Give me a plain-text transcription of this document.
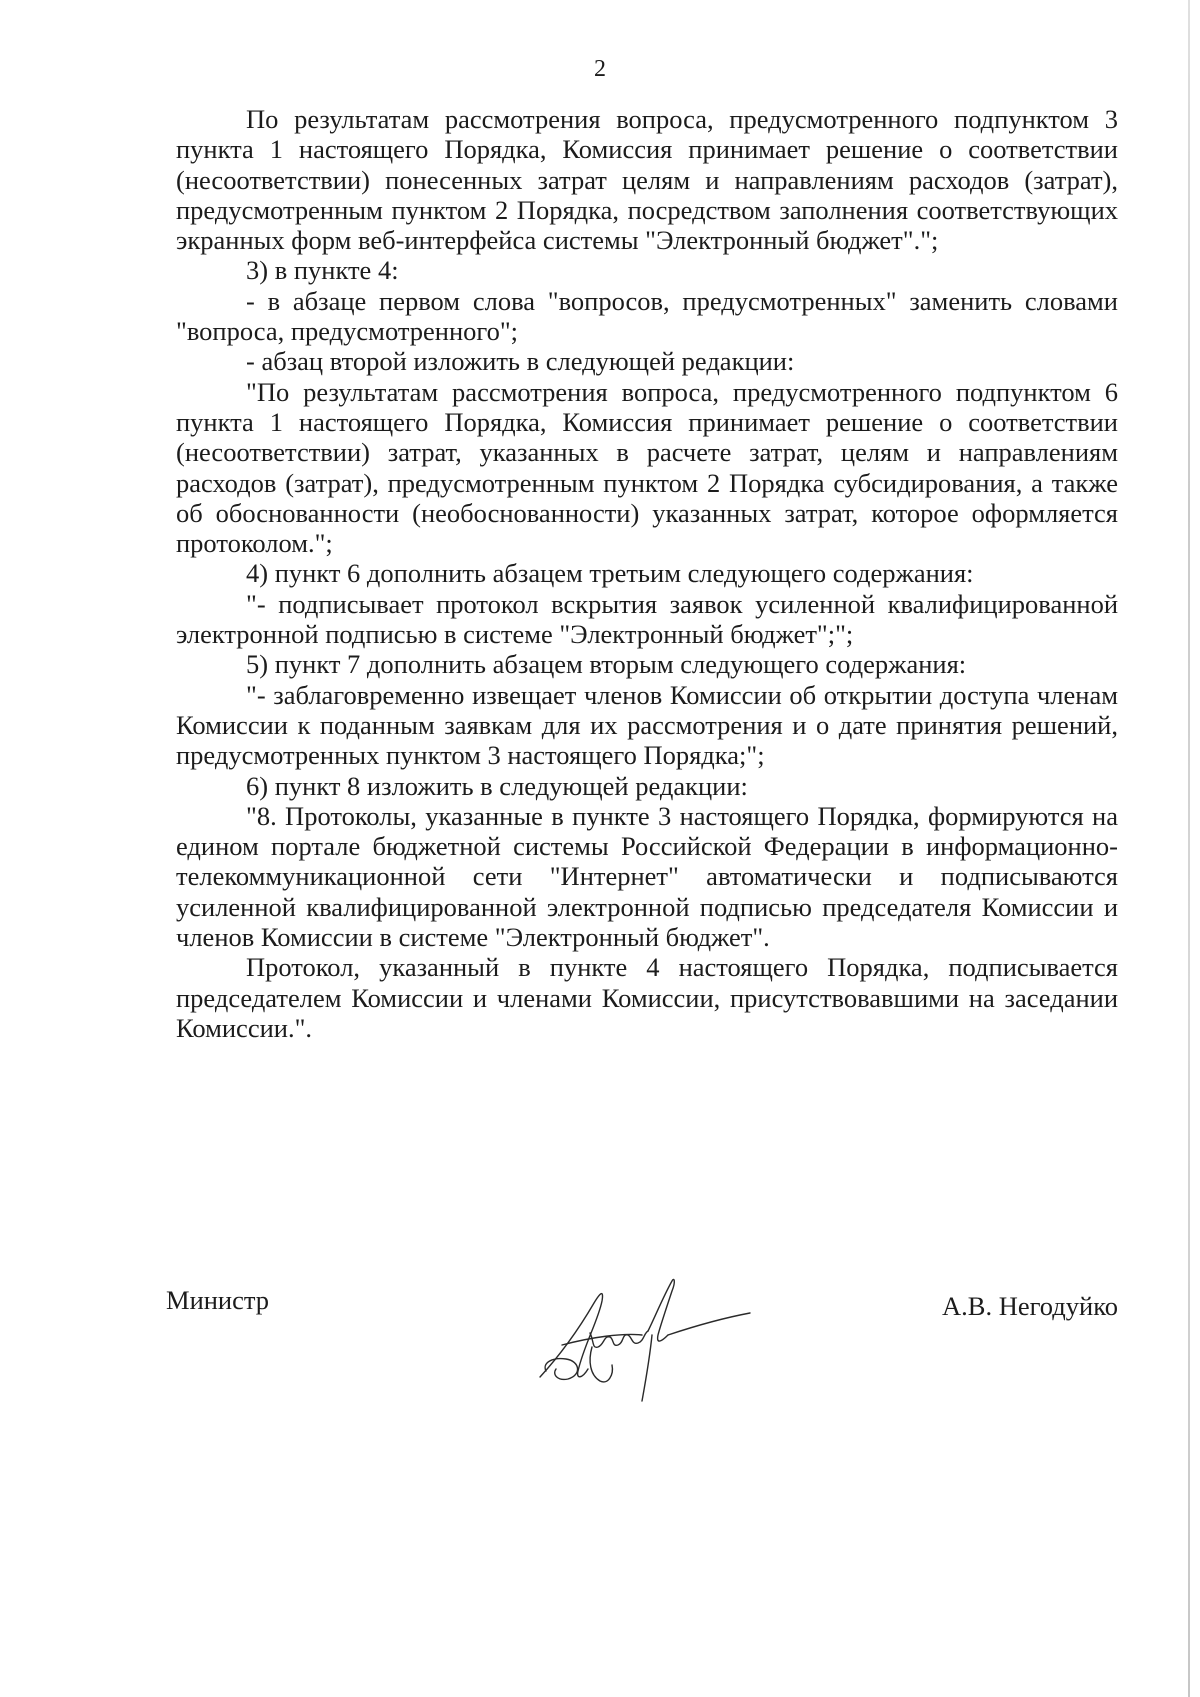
2

По результатам рассмотрения вопроса, предусмотренного подпунктом 3 пункта 1 настоящего Порядка, Комиссия принимает решение о соответствии (несоответствии) понесенных затрат целям и направлениям расходов (затрат), предусмотренным пунктом 2 Порядка, посредством заполнения соответствующих экранных форм веб-интерфейса системы "Электронный бюджет".";

3) в пункте 4:

- в абзаце первом слова "вопросов, предусмотренных" заменить словами "вопроса, предусмотренного";

- абзац второй изложить в следующей редакции:

"По результатам рассмотрения вопроса, предусмотренного подпунктом 6 пункта 1 настоящего Порядка, Комиссия принимает решение о соответствии (несоответствии) затрат, указанных в расчете затрат, целям и направлениям расходов (затрат), предусмотренным пунктом 2 Порядка субсидирования, а также об обоснованности (необоснованности) указанных затрат, которое оформляется протоколом.";

4) пункт 6 дополнить абзацем третьим следующего содержания:

"- подписывает протокол вскрытия заявок усиленной квалифицированной электронной подписью в системе "Электронный бюджет";";

5) пункт 7 дополнить абзацем вторым следующего содержания:

"- заблаговременно извещает членов Комиссии об открытии доступа членам Комиссии к поданным заявкам для их рассмотрения и о дате принятия решений, предусмотренных пунктом 3 настоящего Порядка;";

6) пункт 8 изложить в следующей редакции:

"8. Протоколы, указанные в пункте 3 настоящего Порядка, формируются на едином портале бюджетной системы Российской Федерации в информационно-телекоммуникационной сети "Интернет" автоматически и подписываются усиленной квалифицированной электронной подписью председателя Комиссии и членов Комиссии в системе "Электронный бюджет".

Протокол, указанный в пункте 4 настоящего Порядка, подписывается председателем Комиссии и членами Комиссии, присутствовавшими на заседании Комиссии.".

Министр	А.В. Негодуйко
